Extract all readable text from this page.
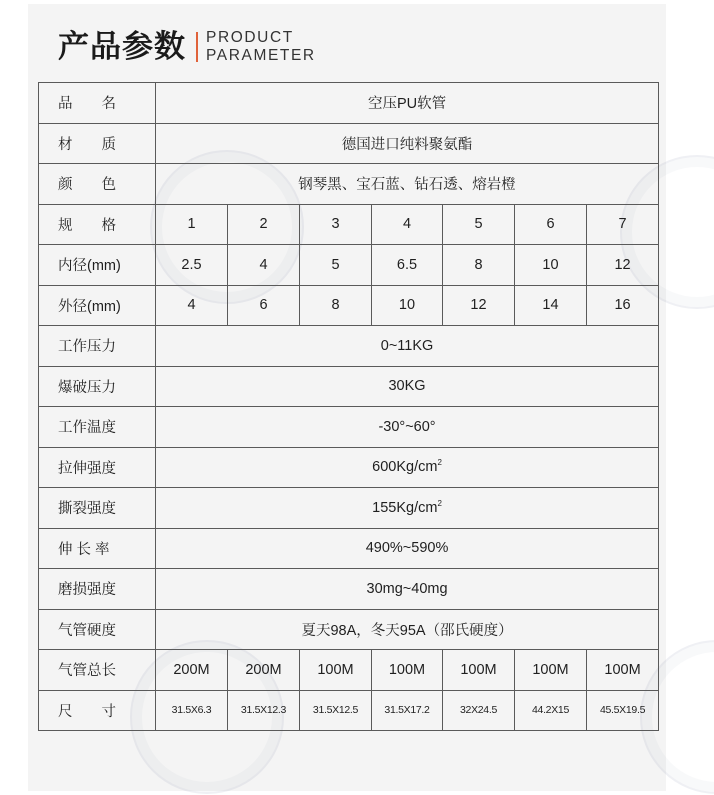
产品参数 PRODUCT
PARAMETER
品　　名	空压PU软管						
材　　质	德国进口纯料聚氨酯						
颜　　色	钢琴黑、宝石蓝、钻石透、熔岩橙						
规　　格	1	2	3	4	5	6	7
内径(mm)	2.5	4	5	6.5	8	10	12
外径(mm)	4	6	8	10	12	14	16
工作压力	0~11KG						
爆破压力	30KG						
工作温度	-30°~60°						
拉伸强度	$600Kg/cm^2$
撕裂强度	$155Kg/cm^2$
伸 长 率	490%~590%						
磨损强度	30mg~40mg						
气管硬度	夏天98A，冬天95A（邵氏硬度）						
气管总长	200M	200M	100M	100M	100M	100M	100M
尺　　寸	31.5X6.3	31.5X12.3	31.5X12.5	31.5X17.2	32X24.5	44.2X15	45.5X19.5
